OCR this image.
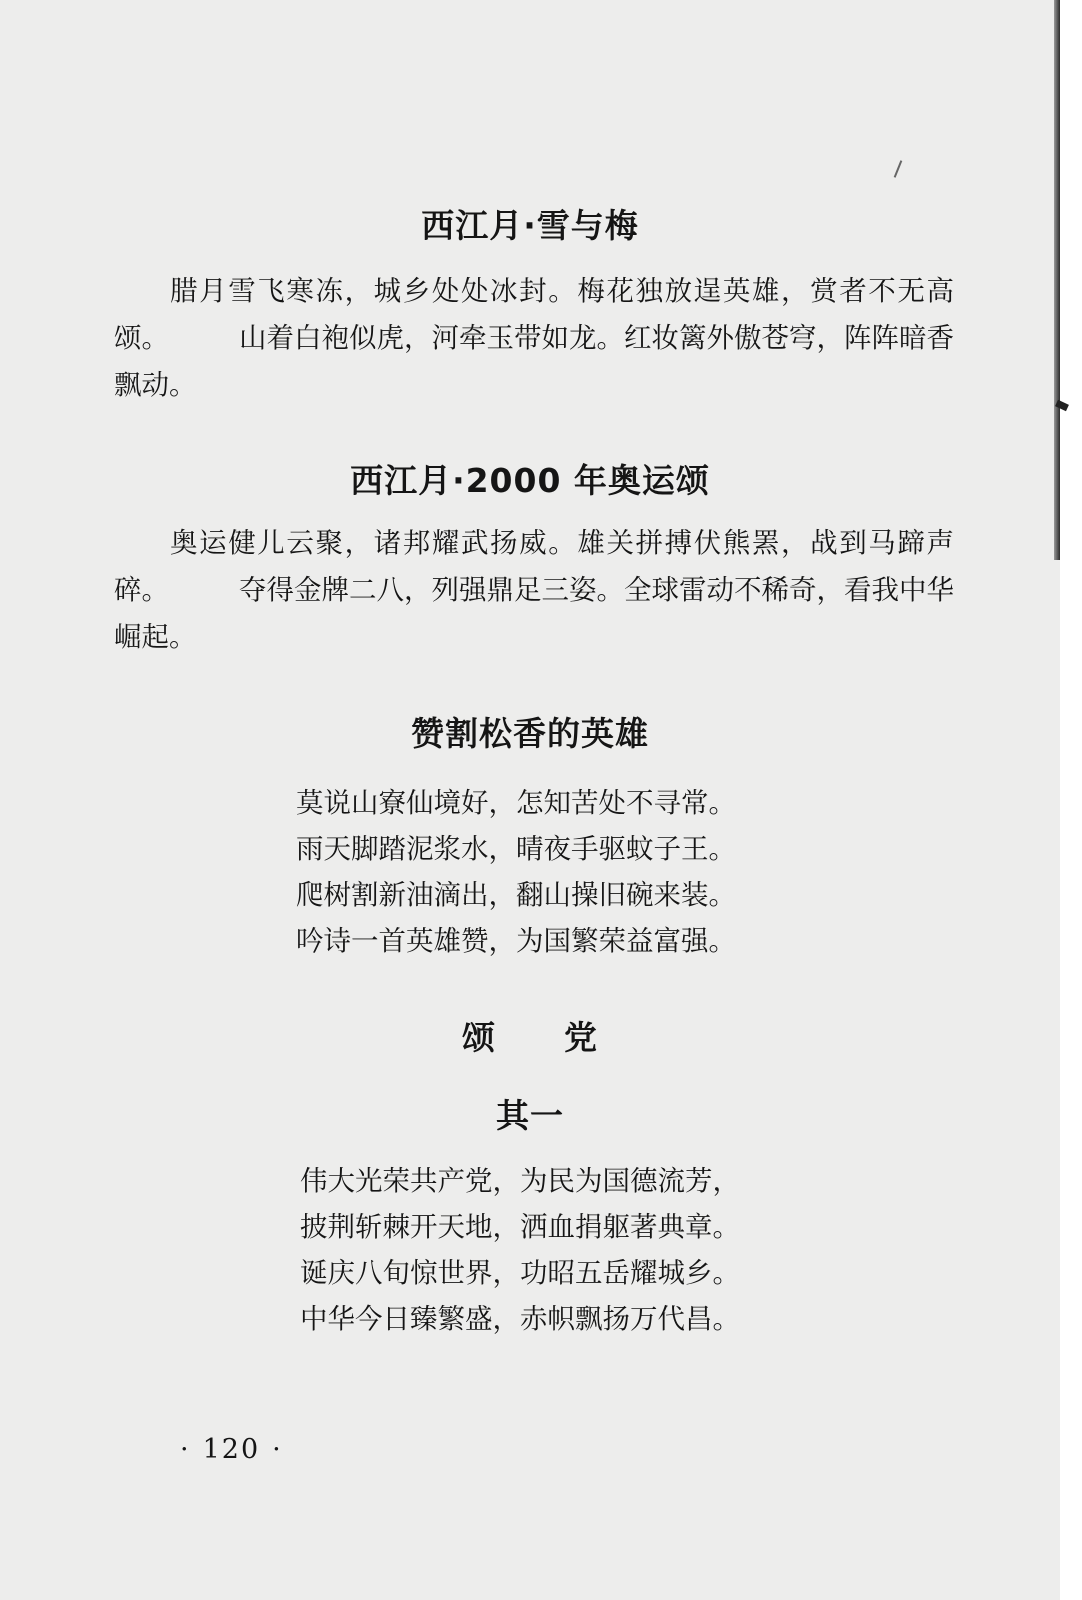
西江月·雪与梅

腊月雪飞寒冻，城乡处处冰封。梅花独放逞英雄，赏者不无高颂。	山着白袍似虎，河牵玉带如龙。红妆篱外傲苍穹，阵阵暗香飘动。

西江月·2000 年奥运颂

奥运健儿云聚，诸邦耀武扬威。雄关拼搏伏熊罴，战到马蹄声碎。	夺得金牌二八，列强鼎足三姿。全球雷动不稀奇，看我中华崛起。

赞割松香的英雄
莫说山寮仙境好，怎知苦处不寻常。
雨天脚踏泥浆水，晴夜手驱蚊子王。
爬树割新油滴出，翻山操旧碗来装。
吟诗一首英雄赞，为国繁荣益富强。
颂　　党
其一
伟大光荣共产党，为民为国德流芳，
披荆斩棘开天地，洒血捐躯著典章。
诞庆八旬惊世界，功昭五岳耀城乡。
中华今日臻繁盛，赤帜飘扬万代昌。
· 120 ·
